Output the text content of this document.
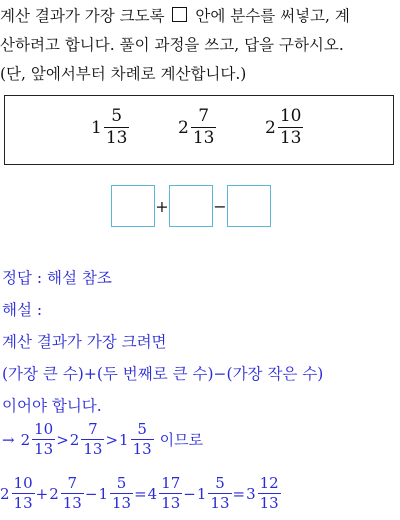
계산 결과가 가장 크도록 안에 분수를 써넣고, 계
산하려고 합니다. 풀이 과정을 쓰고, 답을 구하시오.
(단, 앞에서부터 차례로 계산합니다.)
$1 \frac{5}{13}$	$2 \frac{7}{13}$	$2 \frac{10}{13}$
+	−
정답 : 해설 참조
해설 :
계산 결과가 가장 크려면
(가장 큰 수)+(두 번째로 큰 수)−(가장 작은 수)
이어야 합니다.
→ $2 \frac{10}{13} > 2 \frac{7}{13} > 1 \frac{5}{13}$ 이므로
$2 \frac{10}{13} + 2 \frac{7}{13} - 1 \frac{5}{13} = 4 \frac{17}{13} - 1 \frac{5}{13} = 3 \frac{12}{13}$
